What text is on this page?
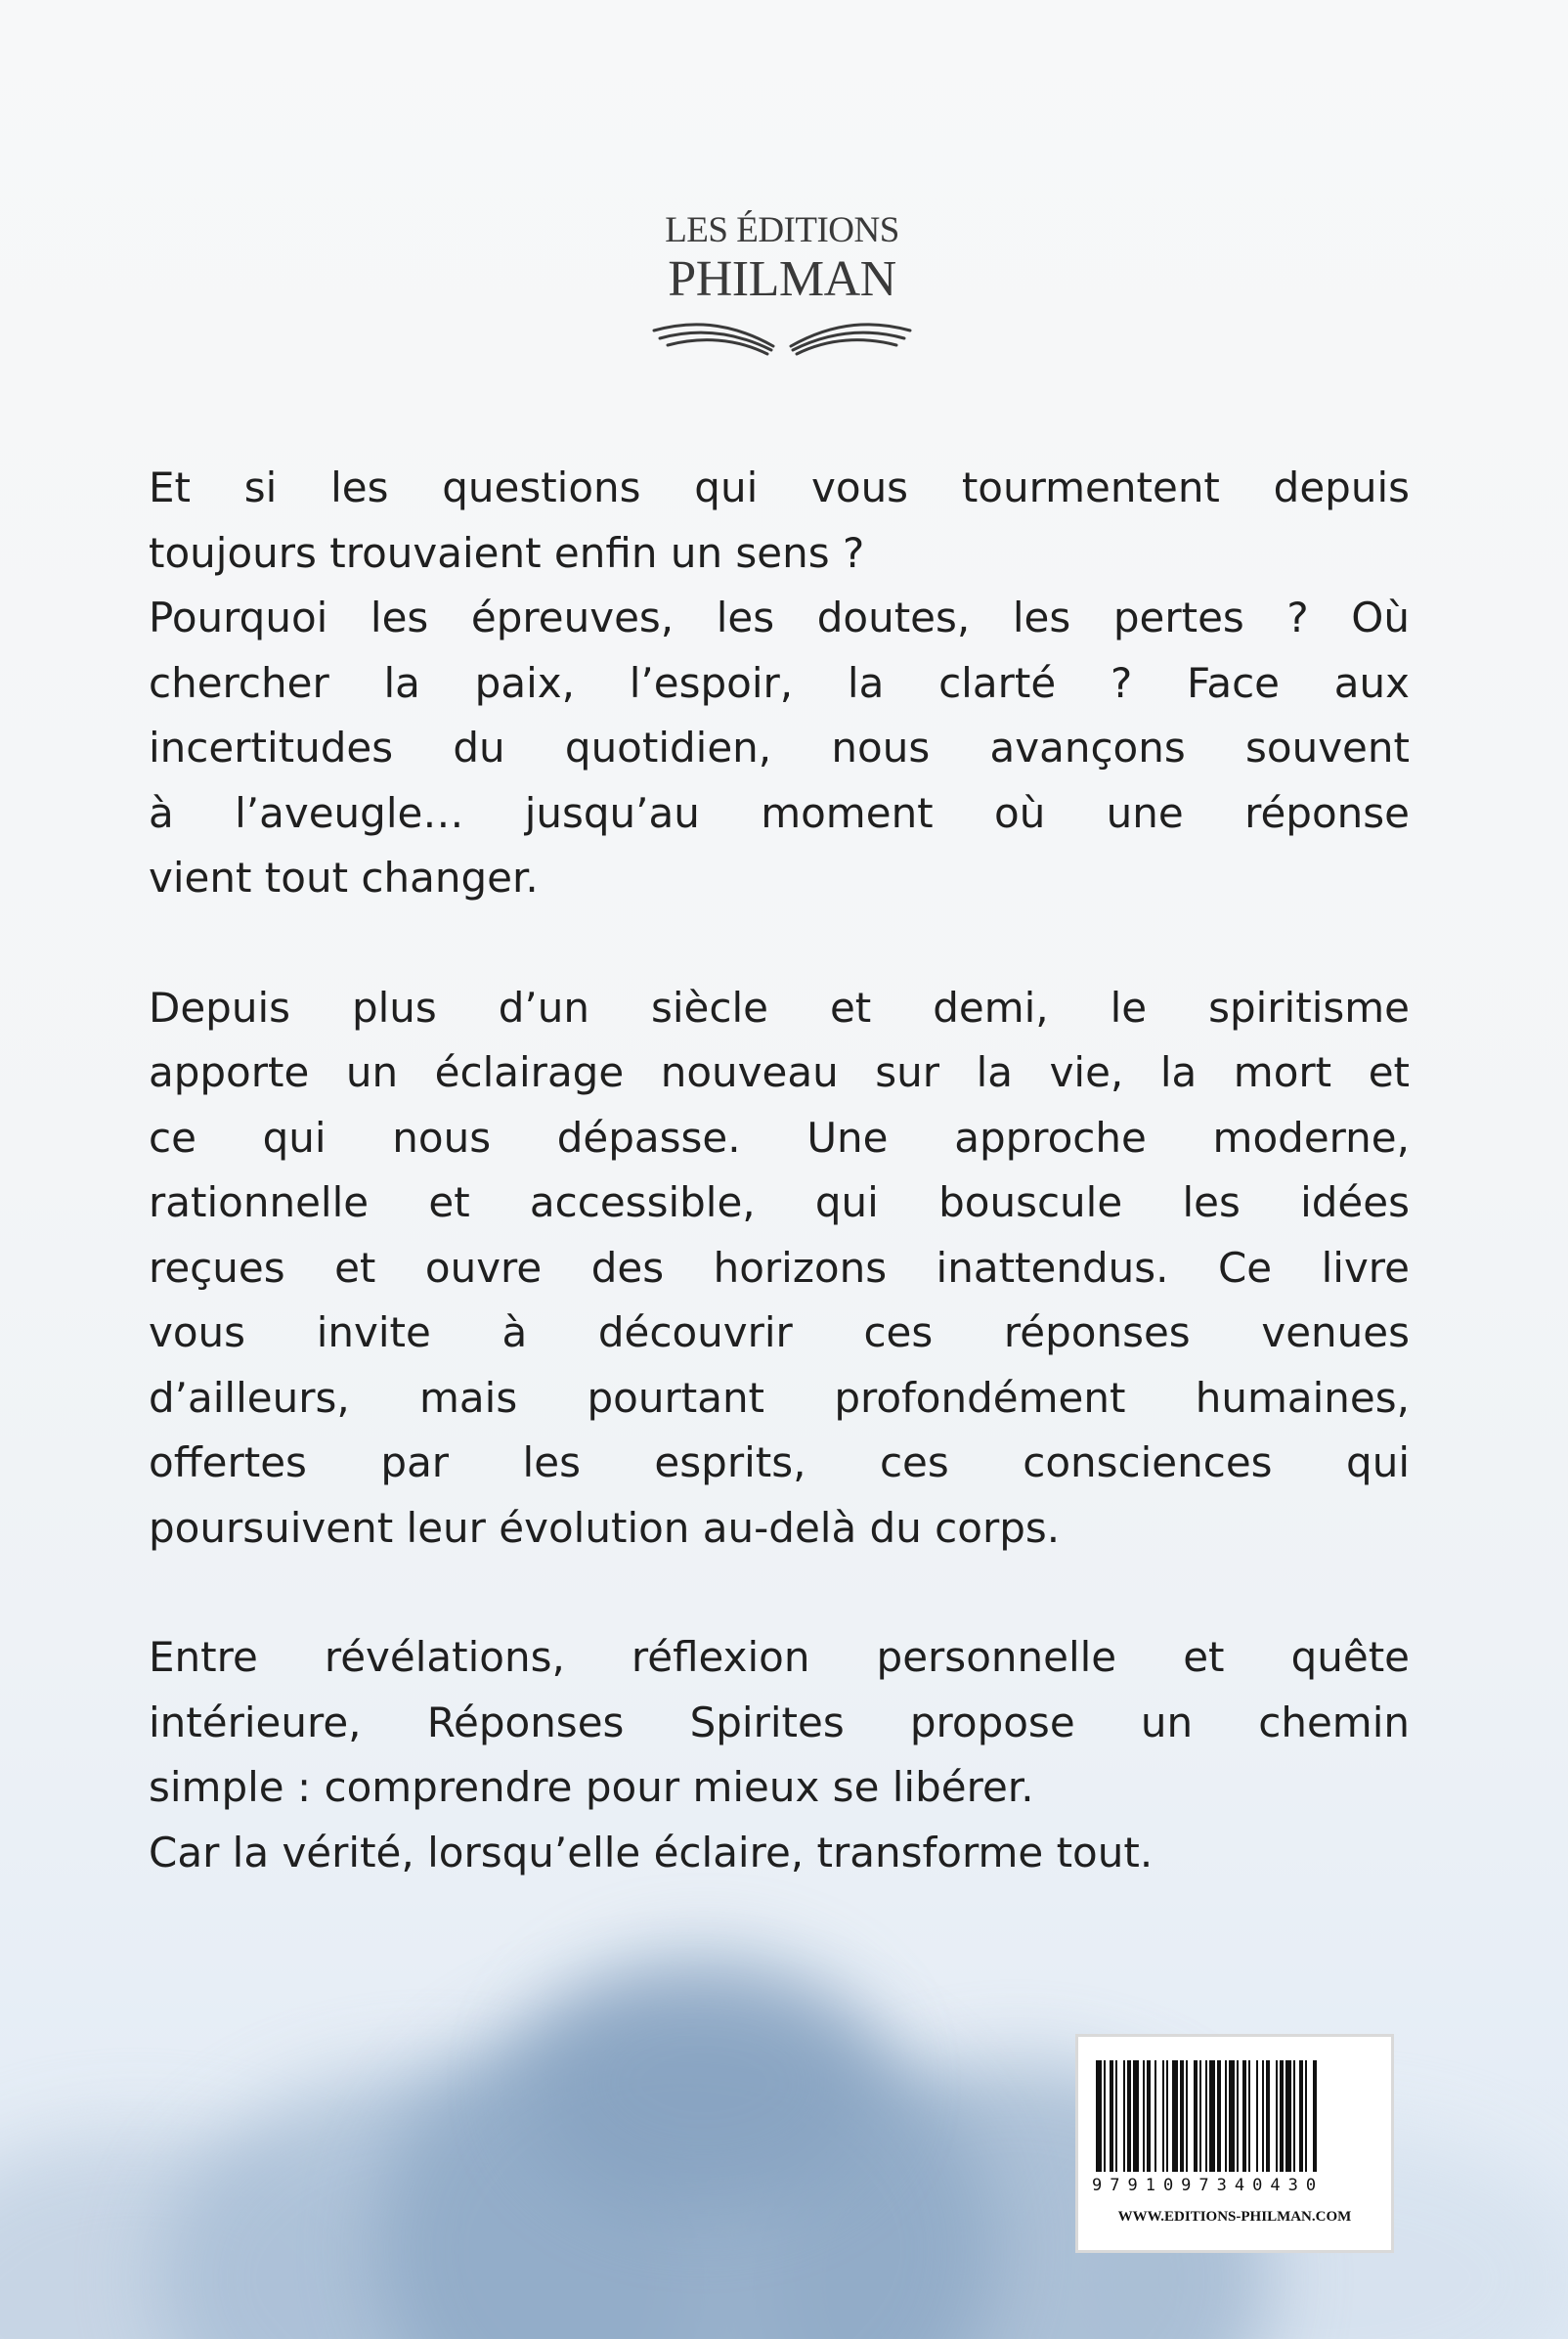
LES ÉDITIONS
PHILMAN
Et si les questions qui vous tourmentent depuis
toujours trouvaient enfin un sens ?
Pourquoi les épreuves, les doutes, les pertes ? Où
chercher la paix, l’espoir, la clarté ? Face aux
incertitudes du quotidien, nous avançons souvent
à l’aveugle… jusqu’au moment où une réponse
vient tout changer.
Depuis plus d’un siècle et demi, le spiritisme
apporte un éclairage nouveau sur la vie, la mort et
ce qui nous dépasse. Une approche moderne,
rationnelle et accessible, qui bouscule les idées
reçues et ouvre des horizons inattendus. Ce livre
vous invite à découvrir ces réponses venues
d’ailleurs, mais pourtant profondément humaines,
offertes par les esprits, ces consciences qui
poursuivent leur évolution au-delà du corps.
Entre révélations, réflexion personnelle et quête
intérieure, Réponses Spirites propose un chemin
simple : comprendre pour mieux se libérer.
Car la vérité, lorsqu’elle éclaire, transforme tout.
9791097340430
WWW.EDITIONS-PHILMAN.COM
